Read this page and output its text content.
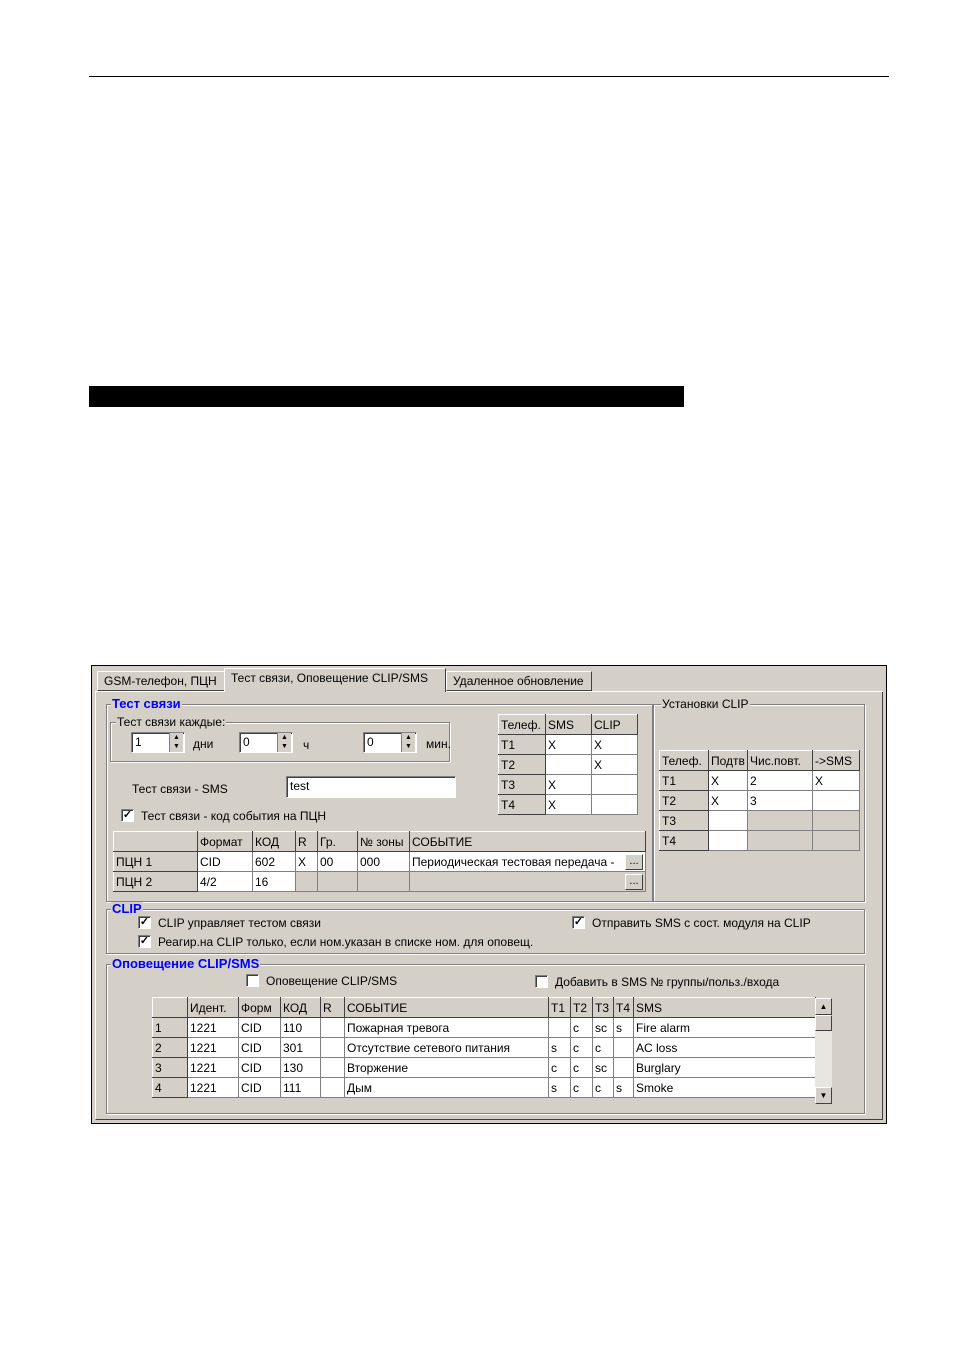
GSM-телефон, ПЦН	Тест связи, Оповещение CLIP/SMS	Удаленное обновление
Тест связи
Тест связи каждые:
1	▲
▼ дни	0	▲
▼ ч	0	▲
▼ мин.
Тест связи - SMS	test
✓ Тест связи - код события на ПЦН
Телеф.	SMS	CLIP
T1	X	X
T2		X
T3	X	
T4	X	
	Формат	КОД	R	Гр.	№ зоны	СОБЫТИЕ
ПЦН 1	CID	602	X	00	000	Периодическая тестовая передача - ...

ПЦН 2	4/2	16				...
Установки CLIP
Телеф.	Подтв	Чис.повт.	->SMS
T1	X	2	X
T2	X	3	
T3			
T4			
CLIP
✓ CLIP управляет тестом связи
✓ Реагир.на CLIP только, если ном.указан в списке ном. для оповещ.
✓ Отправить SMS с сост. модуля на CLIP
Оповещение CLIP/SMS
Оповещение CLIP/SMS	Добавить в SMS № группы/польз./входа
	Идент.	Форм	КОД	R	СОБЫТИЕ	T1	T2	T3	T4	SMS
1	1221	CID	110		Пожарная тревога		c	sc	s	Fire alarm
2	1221	CID	301		Отсутствие сетевого питания	s	c	c		AC loss
3	1221	CID	130		Вторжение	c	c	sc		Burglary
4	1221	CID	111		Дым	s	c	c	s	Smoke
▲
▼
